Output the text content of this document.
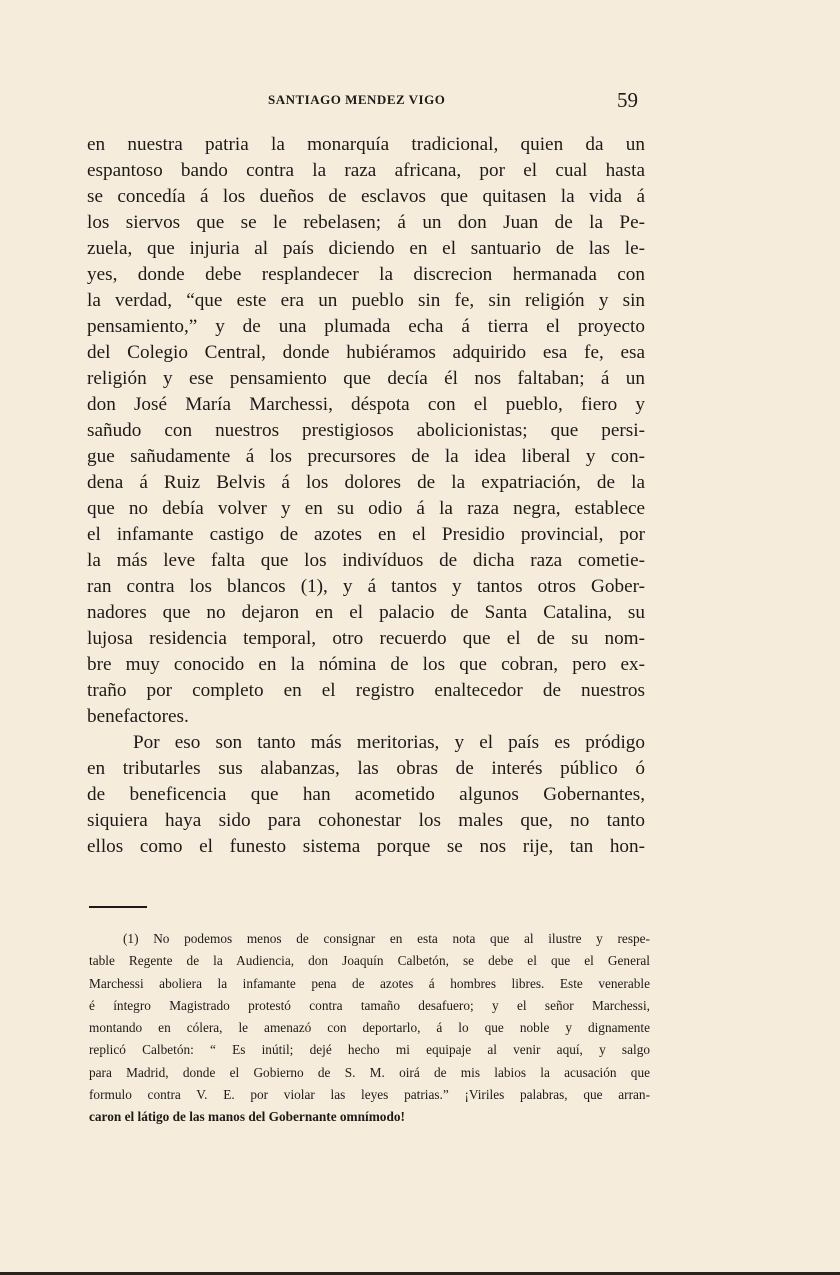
SANTIAGO MENDEZ VIGO	59
en nuestra patria la monarquía tradicional, quien da un
espantoso bando contra la raza africana, por el cual hasta
se concedía á los dueños de esclavos que quitasen la vida á
los siervos que se le rebelasen; á un don Juan de la Pe-
zuela, que injuria al país diciendo en el santuario de las le-
yes, donde debe resplandecer la discrecion hermanada con
la verdad, “que este era un pueblo sin fe, sin religión y sin
pensamiento,” y de una plumada echa á tierra el proyecto
del Colegio Central, donde hubiéramos adquirido esa fe, esa
religión y ese pensamiento que decía él nos faltaban; á un
don José María Marchessi, déspota con el pueblo, fiero y
sañudo con nuestros prestigiosos abolicionistas; que persi-
gue sañudamente á los precursores de la idea liberal y con-
dena á Ruiz Belvis á los dolores de la expatriación, de la
que no debía volver y en su odio á la raza negra, establece
el infamante castigo de azotes en el Presidio provincial, por
la más leve falta que los indivíduos de dicha raza cometie-
ran contra los blancos (1), y á tantos y tantos otros Gober-
nadores que no dejaron en el palacio de Santa Catalina, su
lujosa residencia temporal, otro recuerdo que el de su nom-
bre muy conocido en la nómina de los que cobran, pero ex-
traño por completo en el registro enaltecedor de nuestros
benefactores.
Por eso son tanto más meritorias, y el país es pródigo
en tributarles sus alabanzas, las obras de interés público ó
de beneficencia que han acometido algunos Gobernantes,
siquiera haya sido para cohonestar los males que, no tanto
ellos como el funesto sistema porque se nos rije, tan hon-
(1) No podemos menos de consignar en esta nota que al ilustre y respe-
table Regente de la Audiencia, don Joaquín Calbetón, se debe el que el General
Marchessi aboliera la infamante pena de azotes á hombres libres. Este venerable
é íntegro Magistrado protestó contra tamaño desafuero; y el señor Marchessi,
montando en cólera, le amenazó con deportarlo, á lo que noble y dignamente
replicó Calbetón: “ Es inútil; dejé hecho mi equipaje al venir aquí, y salgo
para Madrid, donde el Gobierno de S. M. oirá de mis labios la acusación que
formulo contra V. E. por violar las leyes patrias.” ¡Viriles palabras, que arran-
caron el látigo de las manos del Gobernante omnímodo!
